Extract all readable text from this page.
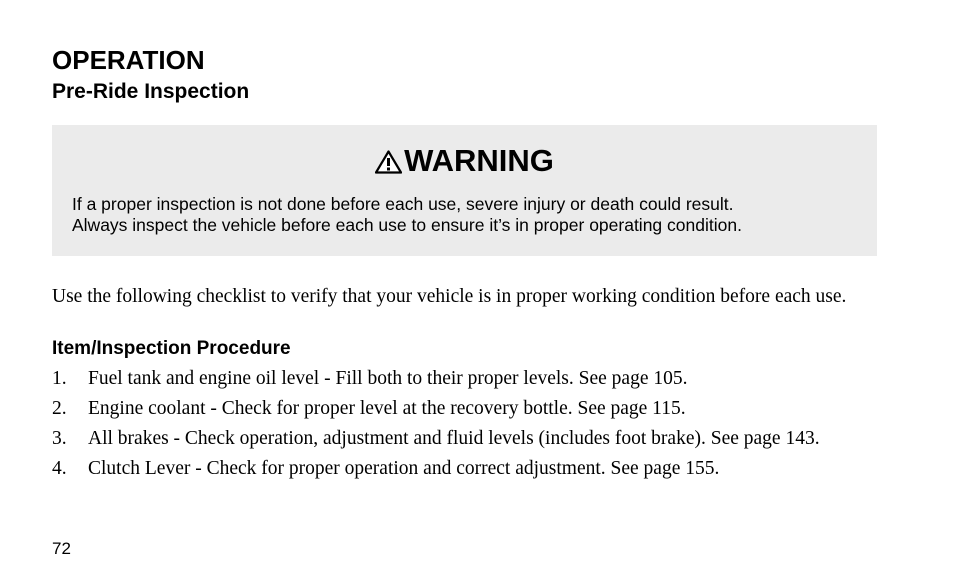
OPERATION
Pre-Ride Inspection
WARNING
If a proper inspection is not done before each use, severe injury or death could result.
Always inspect the vehicle before each use to ensure it’s in proper operating condition.
Use the following checklist to verify that your vehicle is in proper working condition before each use.
Item/Inspection Procedure
1.	Fuel tank and engine oil level - Fill both to their proper levels. See page 105.
2.	Engine coolant - Check for proper level at the recovery bottle. See page 115.
3.	All brakes - Check operation, adjustment and fluid levels (includes foot brake). See page 143.
4.	Clutch Lever - Check for proper operation and correct adjustment. See page 155.
72
